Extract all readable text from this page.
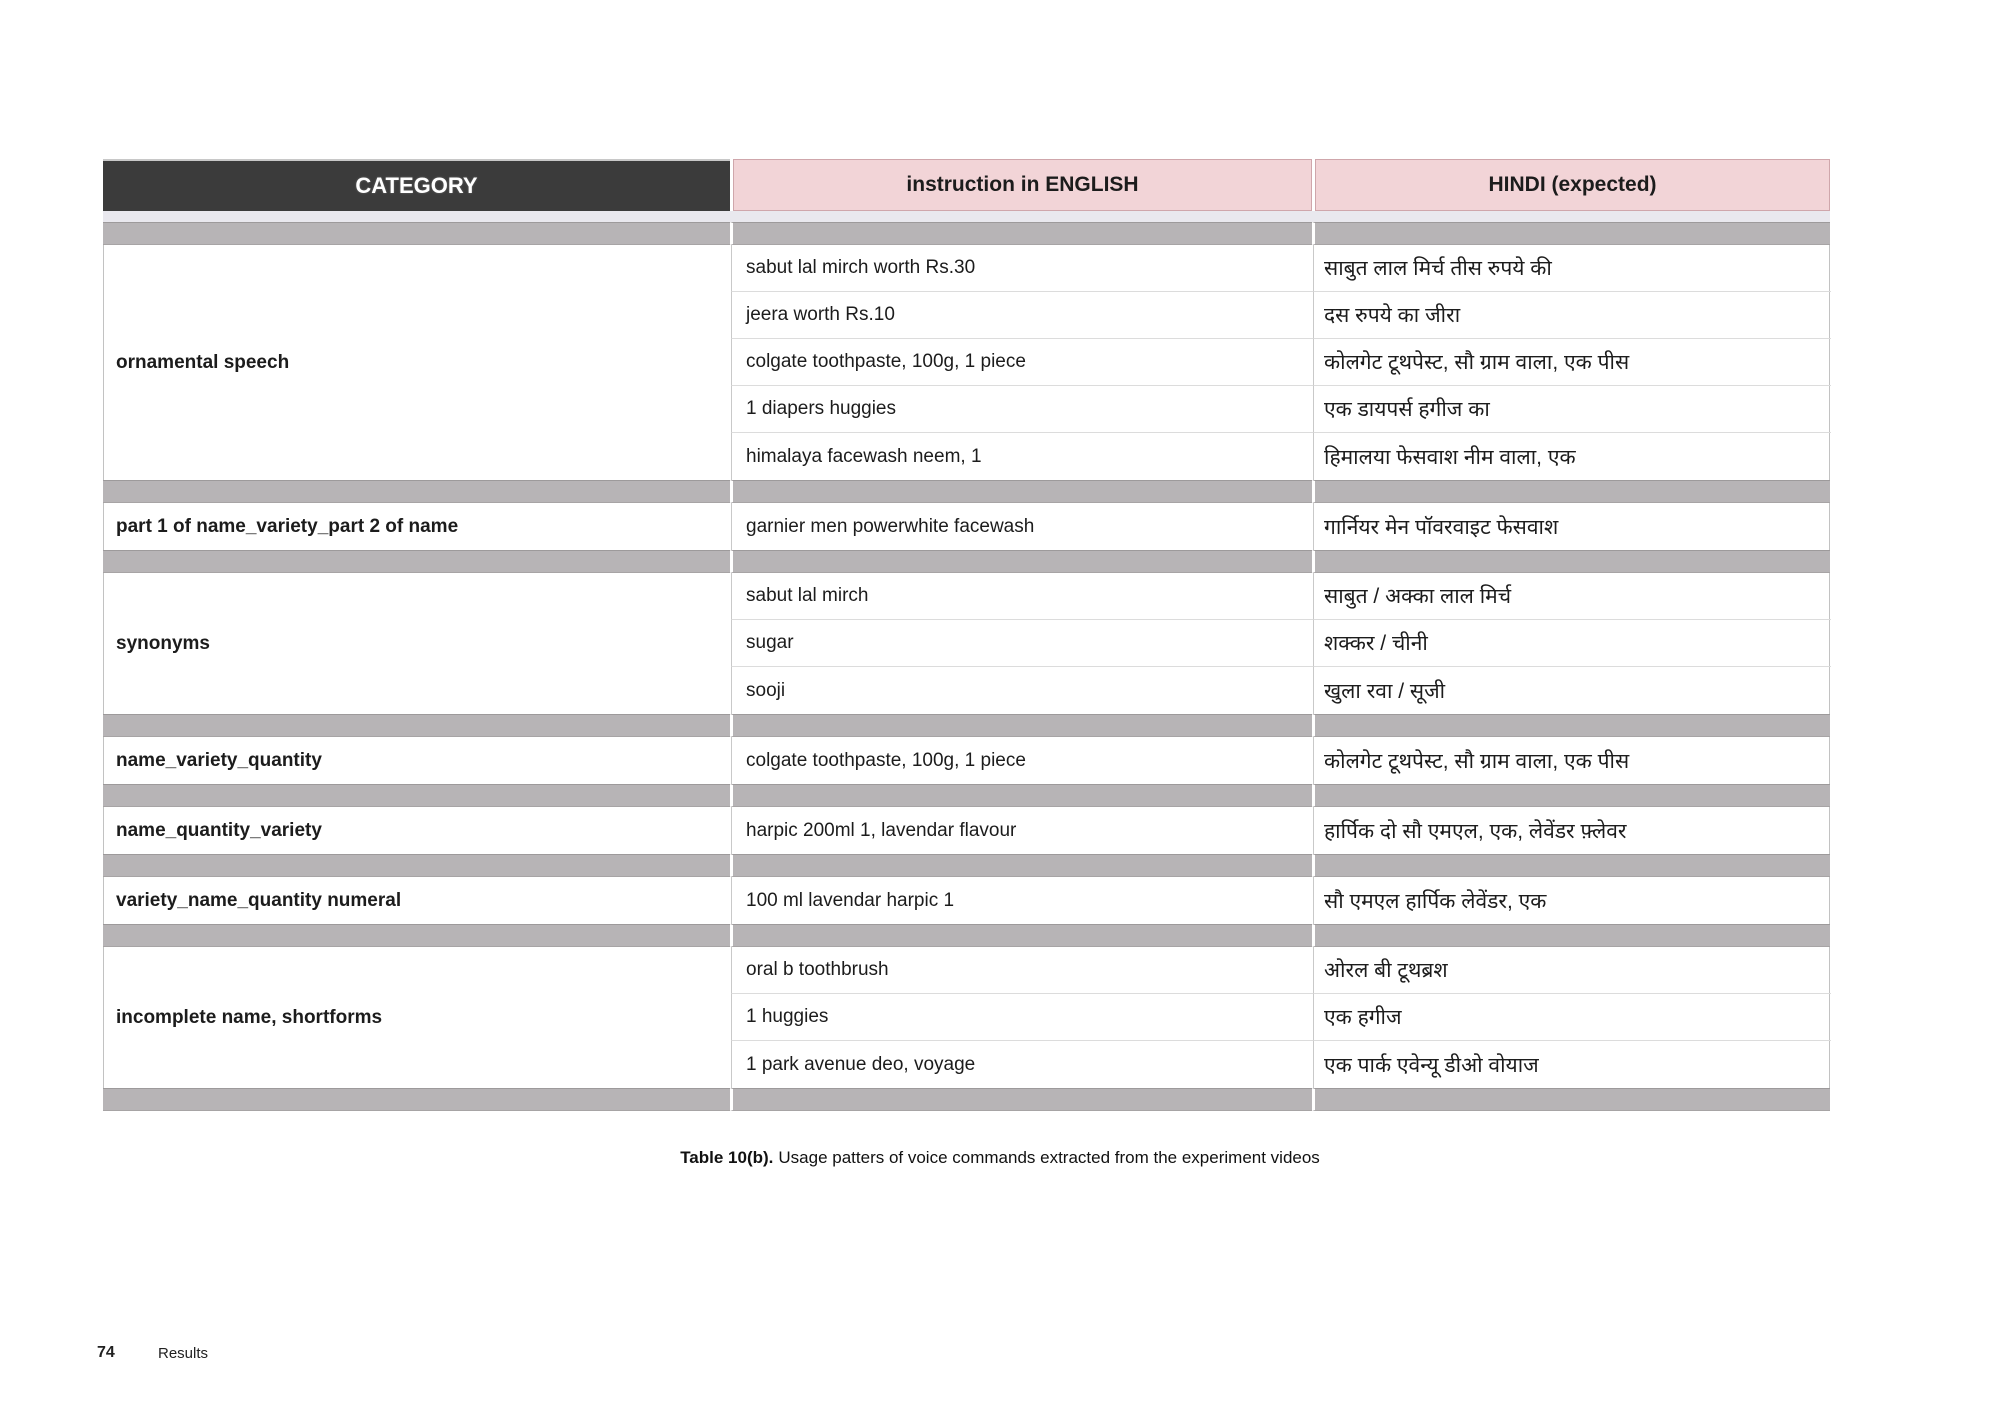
CATEGORY	instruction in ENGLISH	HINDI (expected)
ornamental speech
sabut lal mirch worth Rs.30	साबुत लाल मिर्च तीस रुपये की
jeera worth Rs.10	दस रुपये का जीरा
colgate toothpaste, 100g, 1 piece	कोलगेट टूथपेस्ट, सौ ग्राम वाला, एक पीस
1 diapers huggies	एक डायपर्स हगीज का
himalaya facewash neem, 1	हिमालया फेसवाश नीम वाला, एक
part 1 of name_variety_part 2 of name	garnier men powerwhite facewash	गार्नियर मेन पॉवरवाइट फेसवाश
synonyms
sabut lal mirch	साबुत / अक्का लाल मिर्च
sugar	शक्कर / चीनी
sooji	खुला रवा / सूजी
name_variety_quantity	colgate toothpaste, 100g, 1 piece	कोलगेट टूथपेस्ट, सौ ग्राम वाला, एक पीस
name_quantity_variety	harpic 200ml 1, lavendar flavour	हार्पिक दो सौ एमएल, एक, लेवेंडर फ़्लेवर
variety_name_quantity numeral	100 ml lavendar harpic 1	सौ एमएल हार्पिक लेवेंडर, एक
incomplete name, shortforms
oral b toothbrush	ओरल बी टूथब्रश
1 huggies	एक हगीज
1 park avenue deo, voyage	एक पार्क एवेन्यू डीओ वोयाज
Table 10(b). Usage patters of voice commands extracted from the experiment videos
74	Results
